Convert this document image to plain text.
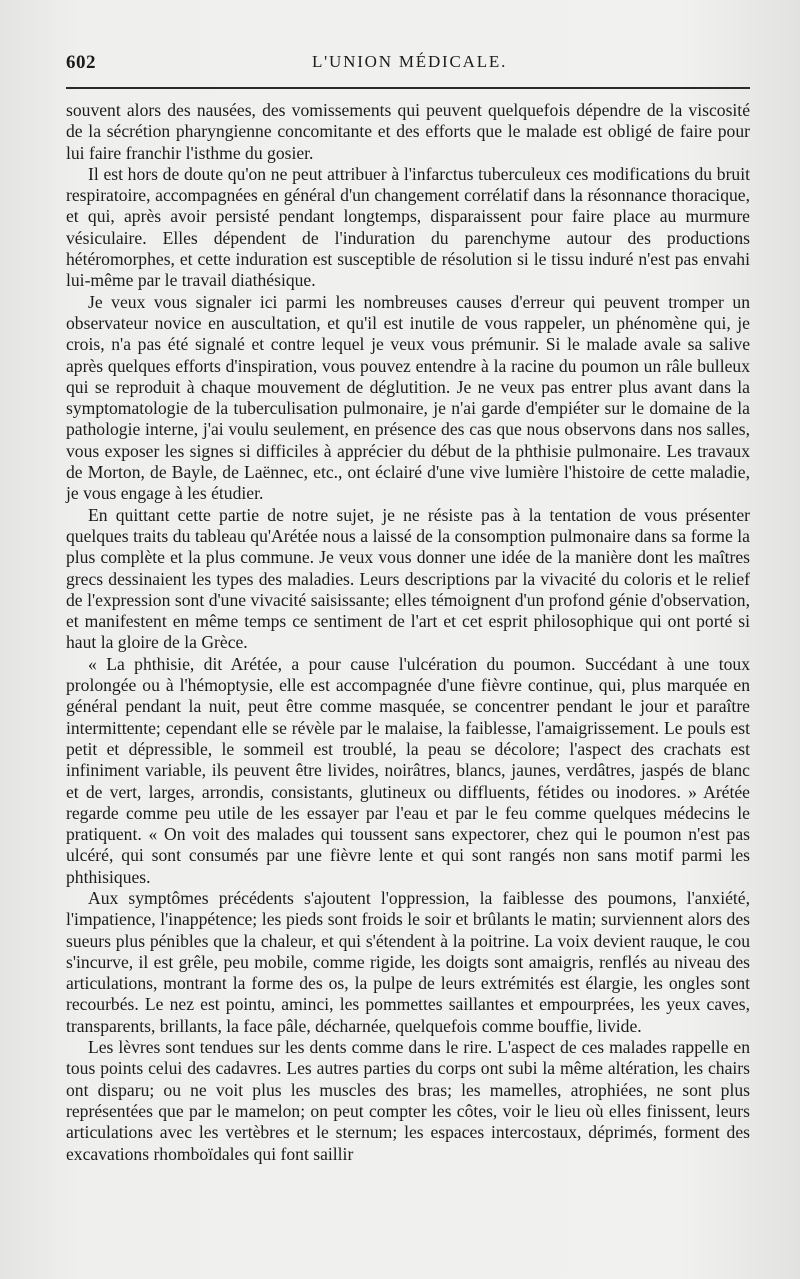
602	L'UNION MÉDICALE.

souvent alors des nausées, des vomissements qui peuvent quelquefois dépendre de la viscosité de la sécrétion pharyngienne concomitante et des efforts que le malade est obligé de faire pour lui faire franchir l'isthme du gosier.

Il est hors de doute qu'on ne peut attribuer à l'infarctus tuberculeux ces modifications du bruit respiratoire, accompagnées en général d'un changement corrélatif dans la résonnance thoracique, et qui, après avoir persisté pendant longtemps, disparaissent pour faire place au murmure vésiculaire. Elles dépendent de l'induration du parenchyme autour des productions hétéromorphes, et cette induration est susceptible de résolution si le tissu induré n'est pas envahi lui-même par le travail diathésique.

Je veux vous signaler ici parmi les nombreuses causes d'erreur qui peuvent tromper un observateur novice en auscultation, et qu'il est inutile de vous rappeler, un phénomène qui, je crois, n'a pas été signalé et contre lequel je veux vous prémunir. Si le malade avale sa salive après quelques efforts d'inspiration, vous pouvez entendre à la racine du poumon un râle bulleux qui se reproduit à chaque mouvement de déglutition. Je ne veux pas entrer plus avant dans la symptomatologie de la tuberculisation pulmonaire, je n'ai garde d'empiéter sur le domaine de la pathologie interne, j'ai voulu seulement, en présence des cas que nous observons dans nos salles, vous exposer les signes si difficiles à apprécier du début de la phthisie pulmonaire. Les travaux de Morton, de Bayle, de Laënnec, etc., ont éclairé d'une vive lumière l'histoire de cette maladie, je vous engage à les étudier.

En quittant cette partie de notre sujet, je ne résiste pas à la tentation de vous présenter quelques traits du tableau qu'Arétée nous a laissé de la consomption pulmonaire dans sa forme la plus complète et la plus commune. Je veux vous donner une idée de la manière dont les maîtres grecs dessinaient les types des maladies. Leurs descriptions par la vivacité du coloris et le relief de l'expression sont d'une vivacité saisissante; elles témoignent d'un profond génie d'observation, et manifestent en même temps ce sentiment de l'art et cet esprit philosophique qui ont porté si haut la gloire de la Grèce.

« La phthisie, dit Arétée, a pour cause l'ulcération du poumon. Succédant à une toux prolongée ou à l'hémoptysie, elle est accompagnée d'une fièvre continue, qui, plus marquée en général pendant la nuit, peut être comme masquée, se concentrer pendant le jour et paraître intermittente; cependant elle se révèle par le malaise, la faiblesse, l'amaigrissement. Le pouls est petit et dépressible, le sommeil est troublé, la peau se décolore; l'aspect des crachats est infiniment variable, ils peuvent être livides, noirâtres, blancs, jaunes, verdâtres, jaspés de blanc et de vert, larges, arrondis, consistants, glutineux ou diffluents, fétides ou inodores. » Arétée regarde comme peu utile de les essayer par l'eau et par le feu comme quelques médecins le pratiquent. « On voit des malades qui toussent sans expectorer, chez qui le poumon n'est pas ulcéré, qui sont consumés par une fièvre lente et qui sont rangés non sans motif parmi les phthisiques.

Aux symptômes précédents s'ajoutent l'oppression, la faiblesse des poumons, l'anxiété, l'impatience, l'inappétence; les pieds sont froids le soir et brûlants le matin; surviennent alors des sueurs plus pénibles que la chaleur, et qui s'étendent à la poitrine. La voix devient rauque, le cou s'incurve, il est grêle, peu mobile, comme rigide, les doigts sont amaigris, renflés au niveau des articulations, montrant la forme des os, la pulpe de leurs extrémités est élargie, les ongles sont recourbés. Le nez est pointu, aminci, les pommettes saillantes et empourprées, les yeux caves, transparents, brillants, la face pâle, décharnée, quelquefois comme bouffie, livide.

Les lèvres sont tendues sur les dents comme dans le rire. L'aspect de ces malades rappelle en tous points celui des cadavres. Les autres parties du corps ont subi la même altération, les chairs ont disparu; ou ne voit plus les muscles des bras; les mamelles, atrophiées, ne sont plus représentées que par le mamelon; on peut compter les côtes, voir le lieu où elles finissent, leurs articulations avec les vertèbres et le sternum; les espaces intercostaux, déprimés, forment des excavations rhomboïdales qui font saillir
